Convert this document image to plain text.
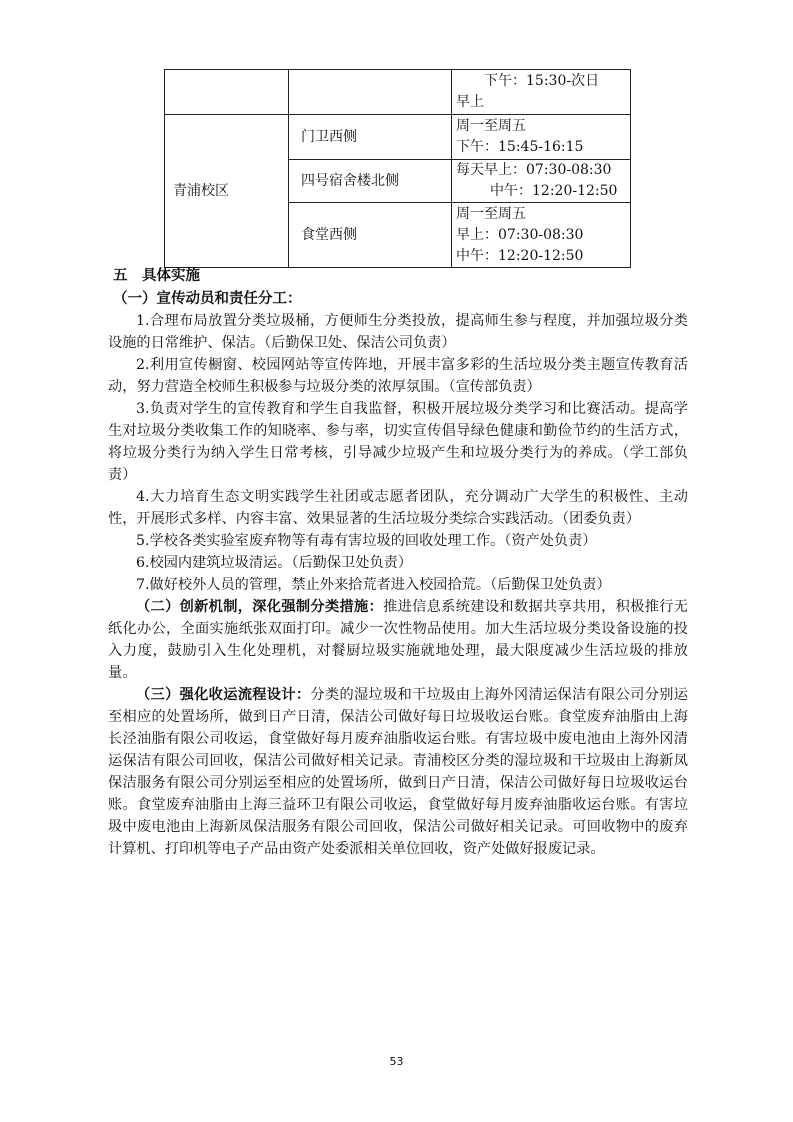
		下午：15:30-次日
早上

青浦校区	门卫西侧	周一至周五
下午：15:45-16:15

	四号宿舍楼北侧	每天早上：07:30-08:30
中午：12:20-12:50

	食堂西侧	周一至周五
早上：07:30-08:30
中午：12:20-12:50
五　具体实施
（一）宣传动员和责任分工：

1.合理布局放置分类垃圾桶，方便师生分类投放，提高师生参与程度，并加强垃圾分类设施的日常维护、保洁。（后勤保卫处、保洁公司负责）

2.利用宣传橱窗、校园网站等宣传阵地，开展丰富多彩的生活垃圾分类主题宣传教育活动，努力营造全校师生积极参与垃圾分类的浓厚氛围。（宣传部负责）

3.负责对学生的宣传教育和学生自我监督，积极开展垃圾分类学习和比赛活动。提高学生对垃圾分类收集工作的知晓率、参与率，切实宣传倡导绿色健康和勤俭节约的生活方式，将垃圾分类行为纳入学生日常考核，引导减少垃圾产生和垃圾分类行为的养成。（学工部负责）

4.大力培育生态文明实践学生社团或志愿者团队，充分调动广大学生的积极性、主动性，开展形式多样、内容丰富、效果显著的生活垃圾分类综合实践活动。（团委负责）

5.学校各类实验室废弃物等有毒有害垃圾的回收处理工作。（资产处负责）

6.校园内建筑垃圾清运。（后勤保卫处负责）

7.做好校外人员的管理，禁止外来拾荒者进入校园拾荒。（后勤保卫处负责）

（二）创新机制，深化强制分类措施：推进信息系统建设和数据共享共用，积极推行无纸化办公，全面实施纸张双面打印。减少一次性物品使用。加大生活垃圾分类设备设施的投入力度，鼓励引入生化处理机，对餐厨垃圾实施就地处理，最大限度减少生活垃圾的排放量。

（三）强化收运流程设计：分类的湿垃圾和干垃圾由上海外冈清运保洁有限公司分别运至相应的处置场所，做到日产日清，保洁公司做好每日垃圾收运台账。食堂废弃油脂由上海长泾油脂有限公司收运，食堂做好每月废弃油脂收运台账。有害垃圾中废电池由上海外冈清运保洁有限公司回收，保洁公司做好相关记录。青浦校区分类的湿垃圾和干垃圾由上海新凤保洁服务有限公司分别运至相应的处置场所，做到日产日清，保洁公司做好每日垃圾收运台账。食堂废弃油脂由上海三益环卫有限公司收运，食堂做好每月废弃油脂收运台账。有害垃圾中废电池由上海新凤保洁服务有限公司回收，保洁公司做好相关记录。可回收物中的废弃计算机、打印机等电子产品由资产处委派相关单位回收，资产处做好报废记录。

53
